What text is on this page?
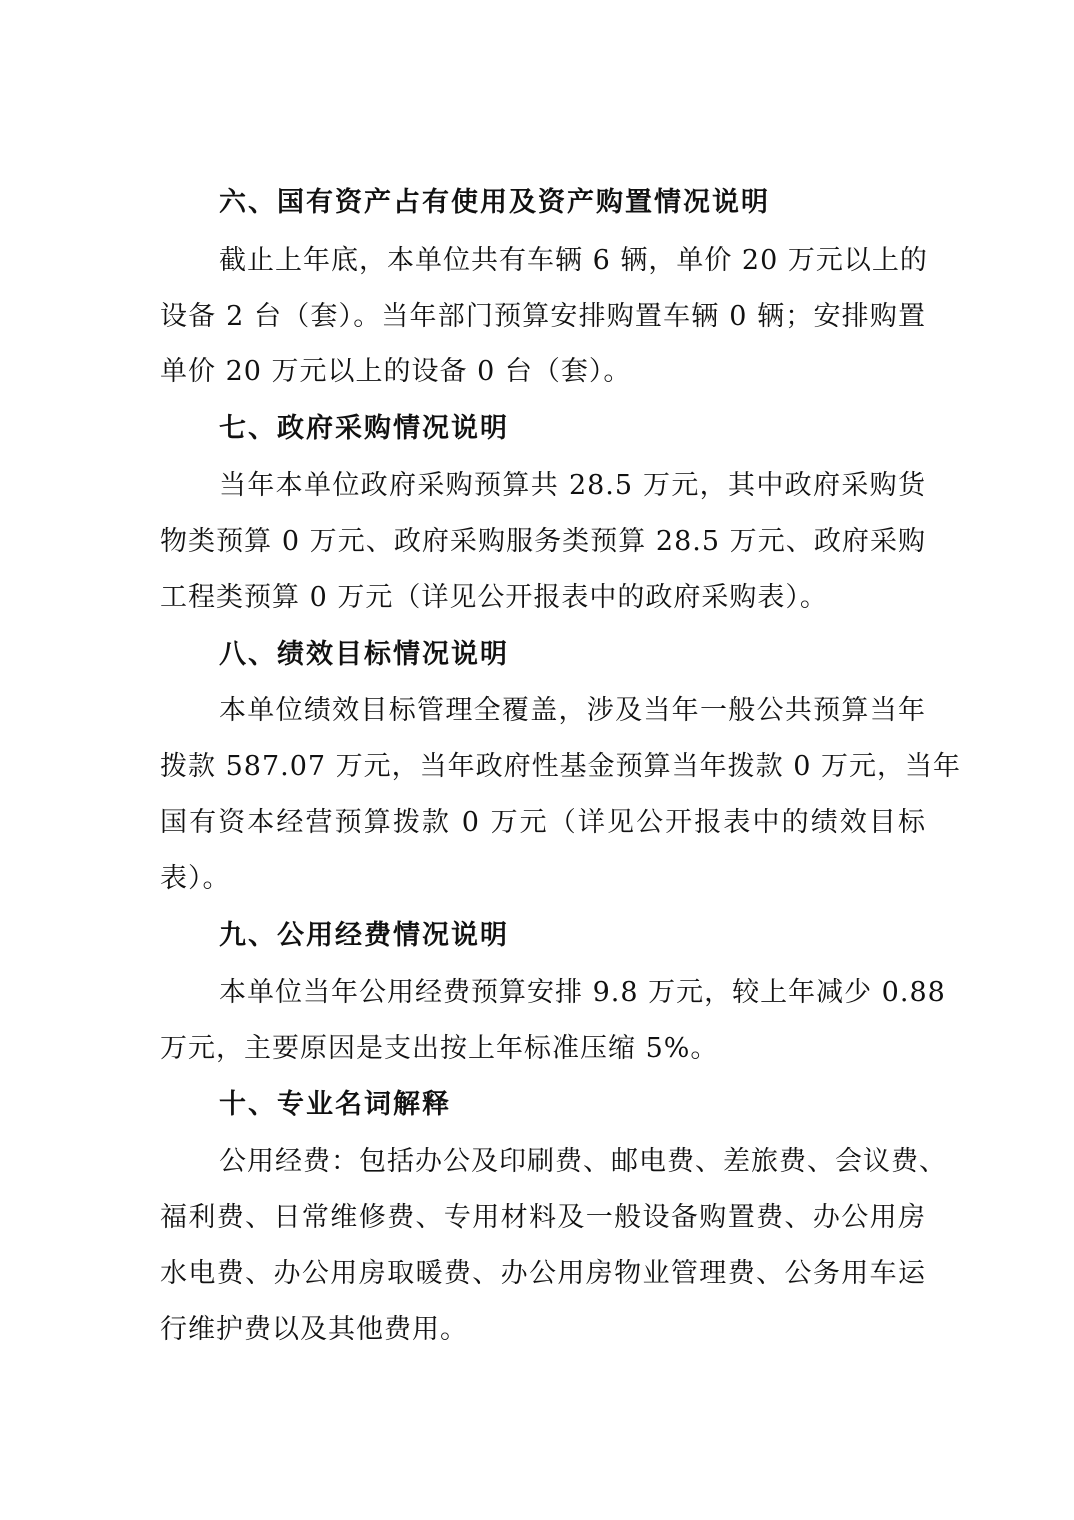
六、国有资产占有使用及资产购置情况说明
截止上年底，本单位共有车辆 6 辆，单价 20 万元以上的
设备 2 台（套）。当年部门预算安排购置车辆 0 辆；安排购置
单价 20 万元以上的设备 0 台（套）。
七、政府采购情况说明
当年本单位政府采购预算共 28.5 万元，其中政府采购货
物类预算 0 万元、政府采购服务类预算 28.5 万元、政府采购
工程类预算 0 万元（详见公开报表中的政府采购表）。
八、绩效目标情况说明
本单位绩效目标管理全覆盖，涉及当年一般公共预算当年
拨款 587.07 万元，当年政府性基金预算当年拨款 0 万元，当年
国有资本经营预算拨款 0 万元（详见公开报表中的绩效目标
表）。
九、公用经费情况说明
本单位当年公用经费预算安排 9.8 万元，较上年减少 0.88
万元，主要原因是支出按上年标准压缩 5%。
十、专业名词解释
公用经费：包括办公及印刷费、邮电费、差旅费、会议费、
福利费、日常维修费、专用材料及一般设备购置费、办公用房
水电费、办公用房取暖费、办公用房物业管理费、公务用车运
行维护费以及其他费用。
